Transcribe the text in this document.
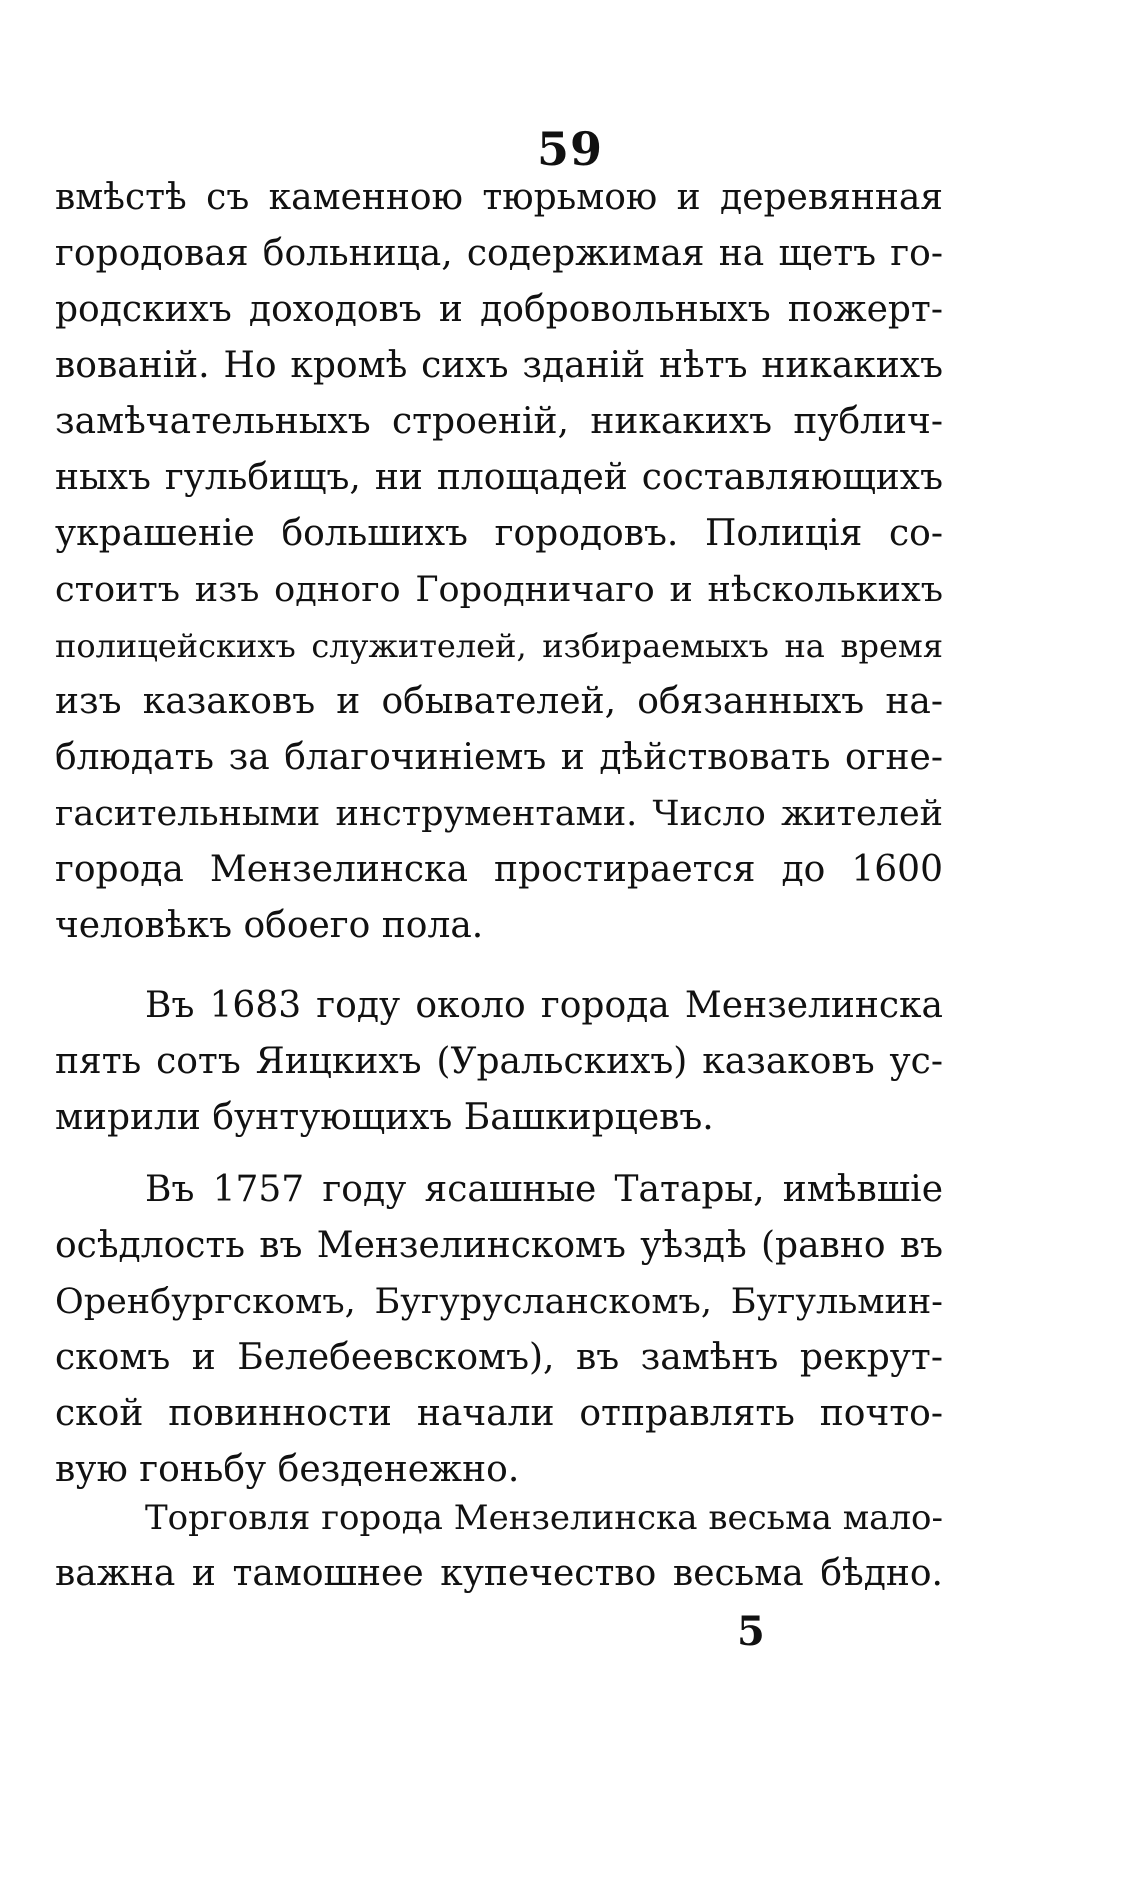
59
вмѣстѣ съ каменною тюрьмою и деревянная
городовая больница, содержимая на щетъ го-
родскихъ доходовъ и добровольныхъ пожерт-
вованій. Но кромѣ сихъ зданій нѣтъ никакихъ
замѣчательныхъ строеній, никакихъ публич-
ныхъ гульбищъ, ни площадей составляющихъ
украшеніе большихъ городовъ. Полиція со-
стоитъ изъ одного Городничаго и нѣсколькихъ
полицейскихъ служителей, избираемыхъ на время
изъ казаковъ и обывателей, обязанныхъ на-
блюдать за благочиніемъ и дѣйствовать огне-
гасительными инструментами. Число жителей
города Мензелинска простирается до 1600
человѣкъ обоего пола.
Въ 1683 году около города Мензелинска
пять сотъ Яицкихъ (Уральскихъ) казаковъ ус-
мирили бунтующихъ Башкирцевъ.
Въ 1757 году ясашные Татары, имѣвшіе
осѣдлость въ Мензелинскомъ уѣздѣ (равно въ
Оренбургскомъ, Бугурусланскомъ, Бугульмин-
скомъ и Белебеевскомъ), въ замѣнъ рекрут-
ской повинности начали отправлять почто-
вую гоньбу безденежно.
Торговля города Мензелинска весьма мало-
важна и тамошнее купечество весьма бѣдно.
5
